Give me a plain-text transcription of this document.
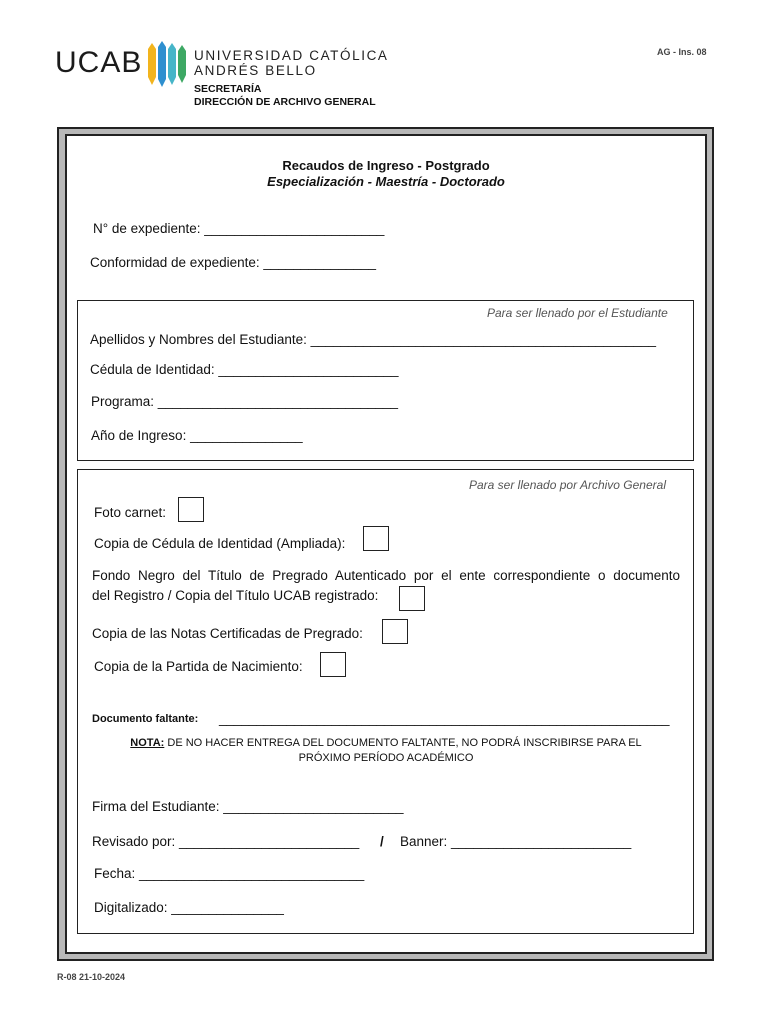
UCAB	UNIVERSIDAD CATÓLICA
ANDRÉS BELLO
SECRETARÍA
DIRECCIÓN DE ARCHIVO GENERAL
AG - Ins. 08
Recaudos de Ingreso - Postgrado
Especialización - Maestría - Doctorado
N° de expediente: ________________________
Conformidad de expediente: _______________
Para ser llenado por el Estudiante
Apellidos y Nombres del Estudiante: ______________________________________________
Cédula de Identidad: ________________________
Programa: ________________________________
Año de Ingreso: _______________
Para ser llenado por Archivo General
Foto carnet:
Copia de Cédula de Identidad (Ampliada):
Fondo Negro del Título de Pregrado Autenticado por el ente correspondiente o documento
del Registro / Copia del Título UCAB registrado:
Copia de las Notas Certificadas de Pregrado:
Copia de la Partida de Nacimiento:
Documento faltante: ____________________________________________________________
NOTA: DE NO HACER ENTREGA DEL DOCUMENTO FALTANTE, NO PODRÁ INSCRIBIRSE PARA EL
PRÓXIMO PERÍODO ACADÉMICO
Firma del Estudiante: ________________________
Revisado por: ________________________ / Banner: ________________________
Fecha: ______________________________
Digitalizado: _______________
R-08 21-10-2024
